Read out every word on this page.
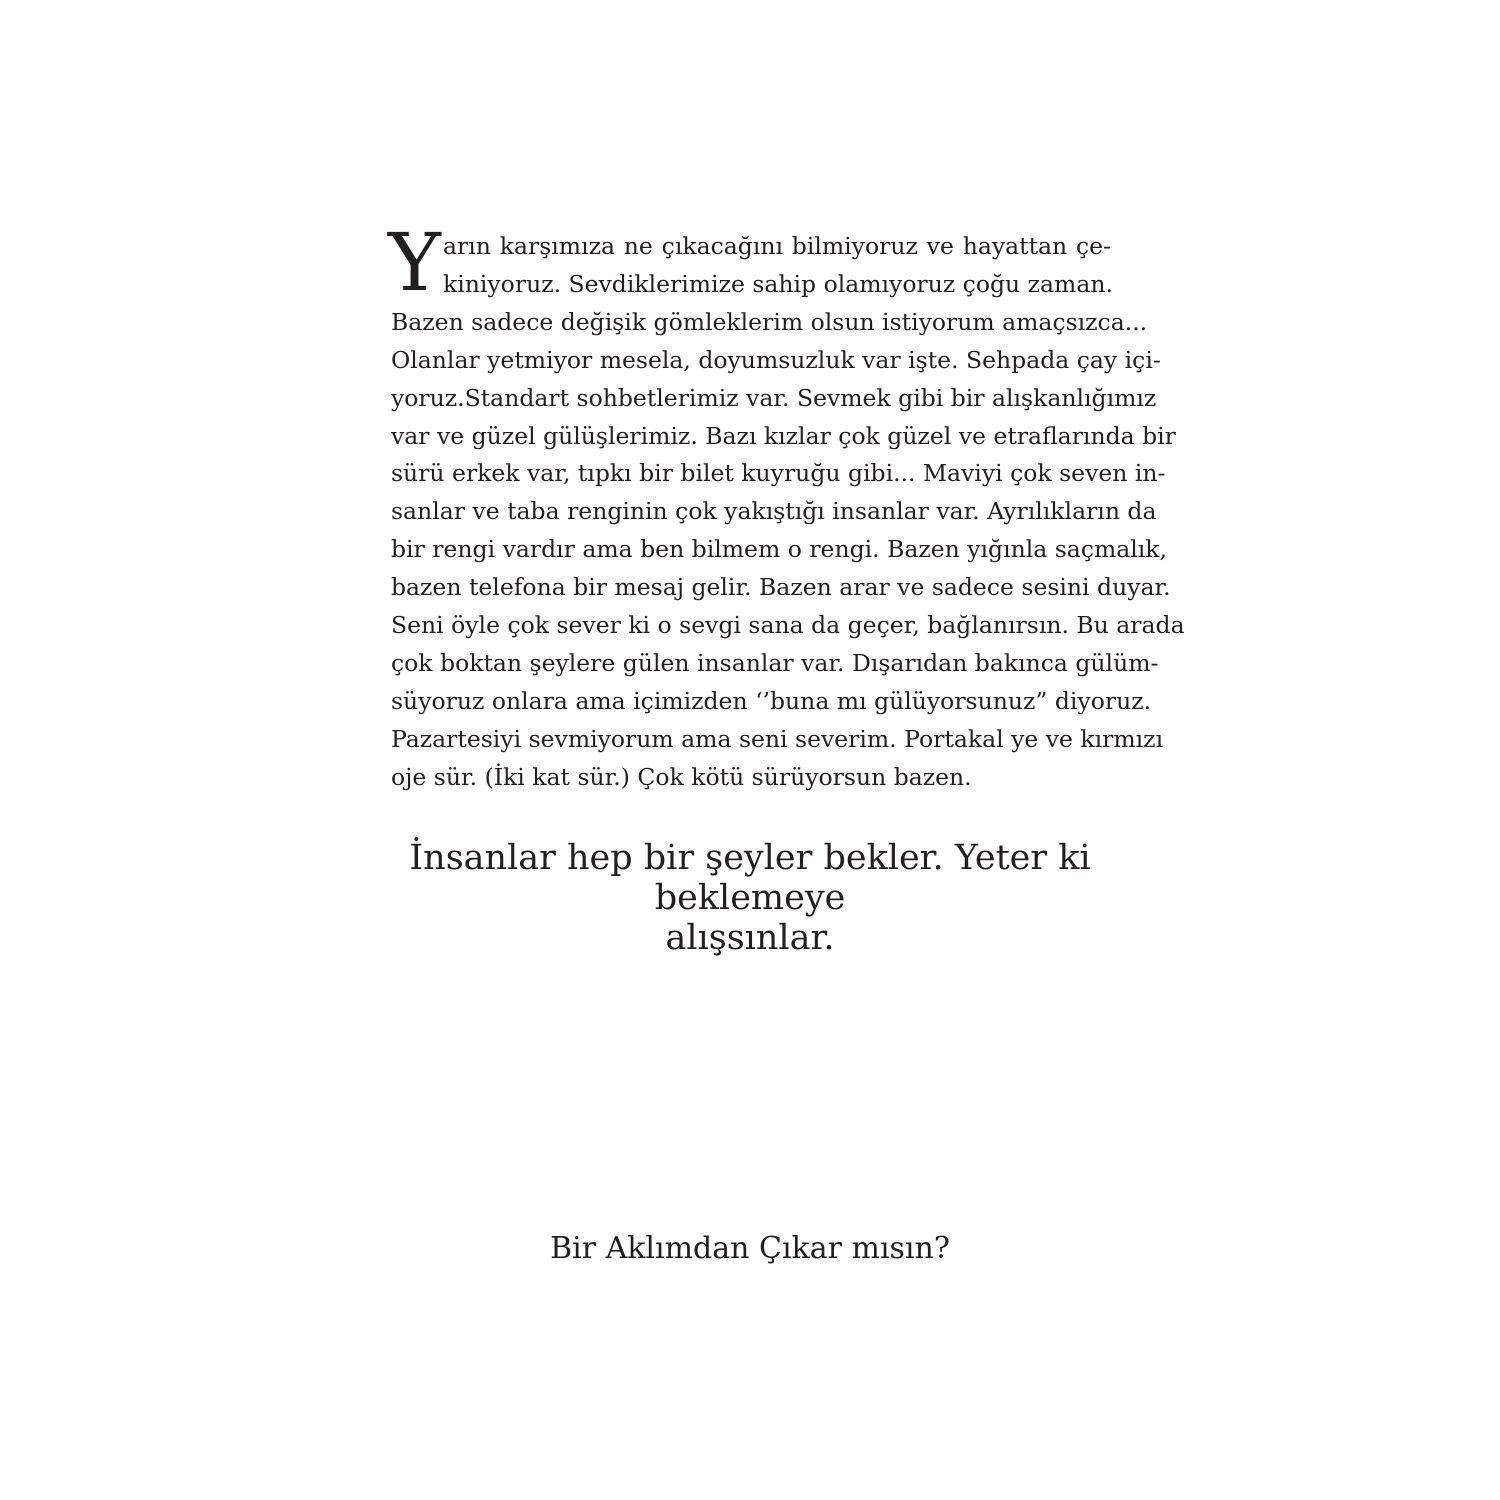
Y arın karşımıza ne çıkacağını bilmiyoruz ve hayattan çe-
kiniyoruz. Sevdiklerimize sahip olamıyoruz çoğu zaman.
Bazen sadece değişik gömleklerim olsun istiyorum amaçsızca...
Olanlar yetmiyor mesela, doyumsuzluk var işte. Sehpada çay içi-
yoruz.Standart sohbetlerimiz var. Sevmek gibi bir alışkanlığımız
var ve güzel gülüşlerimiz. Bazı kızlar çok güzel ve etraflarında bir
sürü erkek var, tıpkı bir bilet kuyruğu gibi... Maviyi çok seven in-
sanlar ve taba renginin çok yakıştığı insanlar var. Ayrılıkların da
bir rengi vardır ama ben bilmem o rengi. Bazen yığınla saçmalık,
bazen telefona bir mesaj gelir. Bazen arar ve sadece sesini duyar.
Seni öyle çok sever ki o sevgi sana da geçer, bağlanırsın. Bu arada
çok boktan şeylere gülen insanlar var. Dışarıdan bakınca gülüm-
süyoruz onlara ama içimizden ‘’buna mı gülüyorsunuz” diyoruz.
Pazartesiyi sevmiyorum ama seni severim. Portakal ye ve kırmızı
oje sür. (İki kat sür.) Çok kötü sürüyorsun bazen.
İnsanlar hep bir şeyler bekler. Yeter ki beklemeye
alışsınlar.
Bir Aklımdan Çıkar mısın?
